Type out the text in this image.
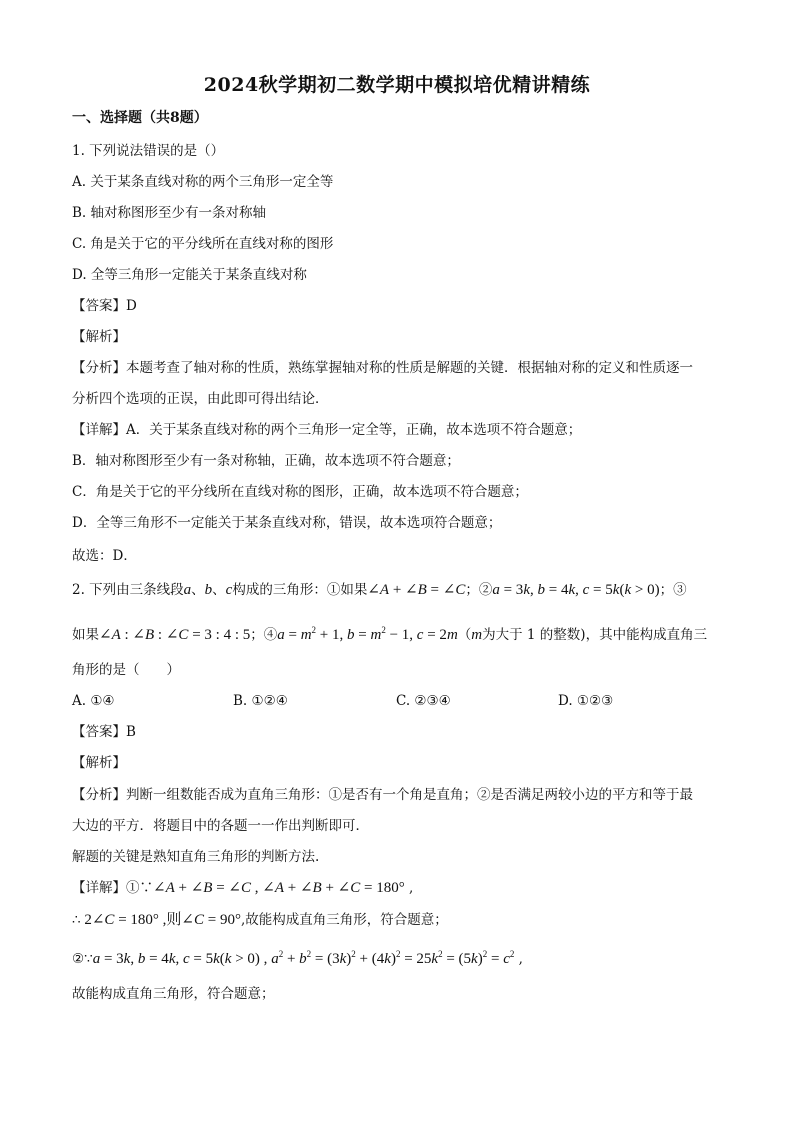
2024秋学期初二数学期中模拟培优精讲精练
一、选择题（共8题）
1. 下列说法错误的是（）
A. 关于某条直线对称的两个三角形一定全等
B. 轴对称图形至少有一条对称轴
C. 角是关于它的平分线所在直线对称的图形
D. 全等三角形一定能关于某条直线对称
【答案】D
【解析】
【分析】本题考查了轴对称的性质，熟练掌握轴对称的性质是解题的关键．根据轴对称的定义和性质逐一
分析四个选项的正误，由此即可得出结论．
【详解】A．关于某条直线对称的两个三角形一定全等，正确，故本选项不符合题意；
B．轴对称图形至少有一条对称轴，正确，故本选项不符合题意；
C．角是关于它的平分线所在直线对称的图形，正确，故本选项不符合题意；
D．全等三角形不一定能关于某条直线对称，错误，故本选项符合题意；
故选：D．
2. 下列由三条线段a、b、c构成的三角形：①如果∠A + ∠B = ∠C；②a = 3k, b = 4k, c = 5k(k > 0)；③
如果∠A : ∠B : ∠C = 3 : 4 : 5；④a = $m^2 + 1$, $b = m^2 - 1$, c = 2m（m为大于 1 的整数)，其中能构成直角三
角形的是（　　）
A. ①④	B. ①②④	C. ②③④	D. ①②③
【答案】B
【解析】
【分析】判断一组数能否成为直角三角形：①是否有一个角是直角；②是否满足两较小边的平方和等于最
大边的平方．将题目中的各题一一作出判断即可．
解题的关键是熟知直角三角形的判断方法.
【详解】①∵∠A + ∠B = ∠C , ∠A + ∠B + ∠C = 180° ,
∴ 2∠C = 180° ,则∠C = 90°,故能构成直角三角形，符合题意；
②∵a = 3k, b = 4k, c = 5k(k > 0) , $a^2 + b^2 = (3k)^2 + (4k)^2 = 25k^2 = (5k)^2 = c^2$ ,
故能构成直角三角形，符合题意；
